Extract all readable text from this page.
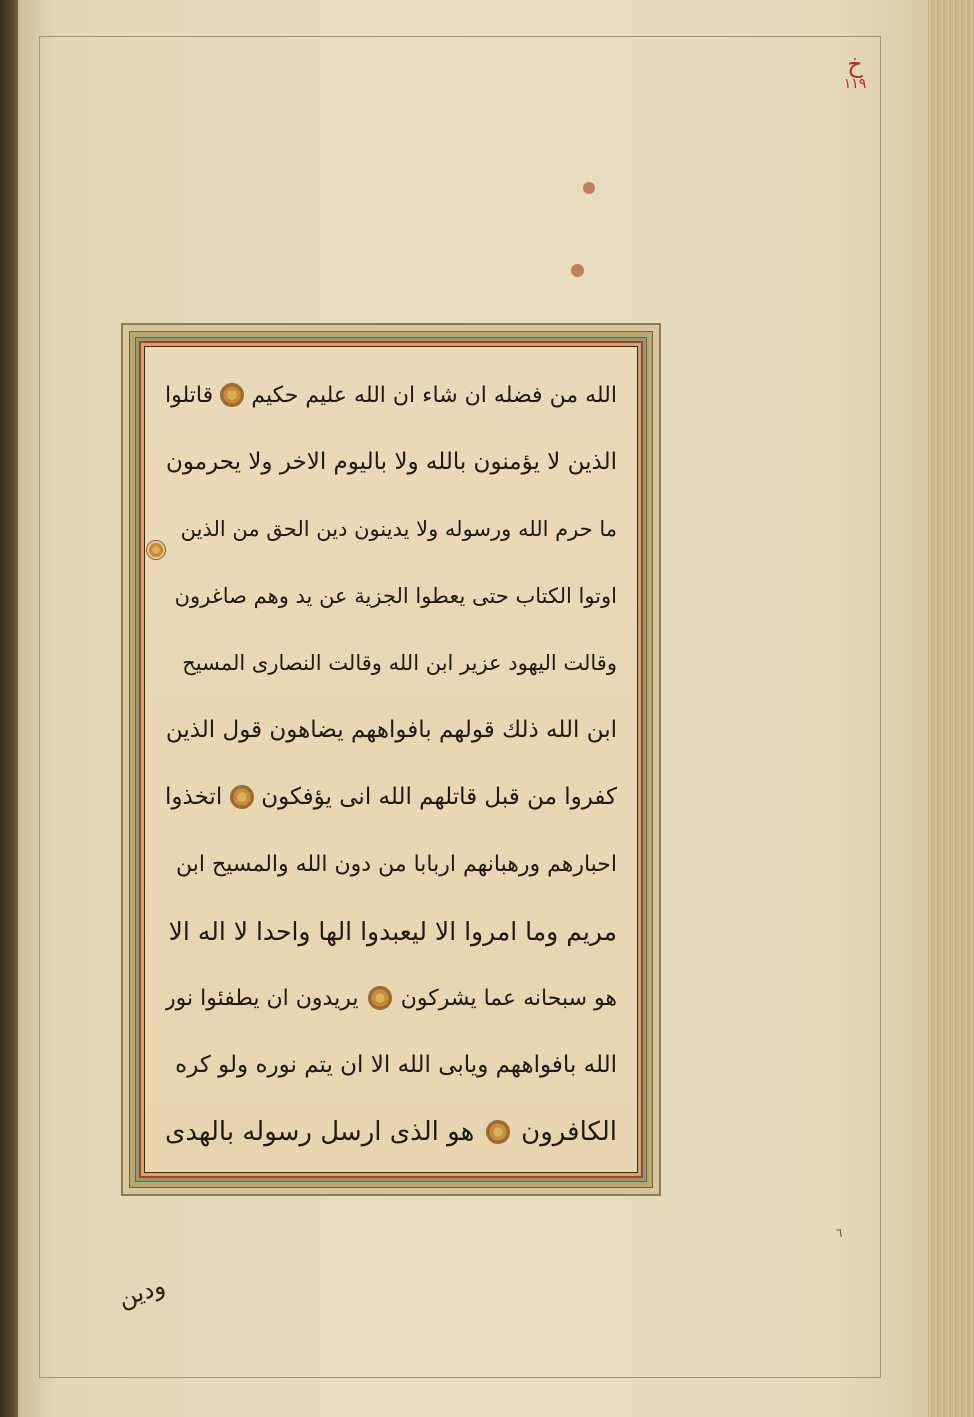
خ
١١٩
الله من فضله ان شاء ان الله عليم حكيم
قاتلوا
الذين لا يؤمنون بالله ولا باليوم الاخر ولا يحرمون
ما حرم الله ورسوله ولا يدينون دين الحق من الذين
اوتوا الكتاب حتى يعطوا الجزية عن يد وهم صاغرون
وقالت اليهود عزير ابن الله وقالت النصارى المسيح
ابن الله ذلك قولهم بافواههم يضاهون قول الذين
كفروا من قبل قاتلهم الله انى يؤفكون
اتخذوا
احبارهم ورهبانهم اربابا من دون الله والمسيح ابن
مريم وما امروا الا ليعبدوا الها واحدا لا اله الا
هو سبحانه عما يشركون
يريدون ان يطفئوا نور
الله بافواههم ويابى الله الا ان يتم نوره ولو كره
الكافرون
هو الذى ارسل رسوله بالهدى
٦
ودين
